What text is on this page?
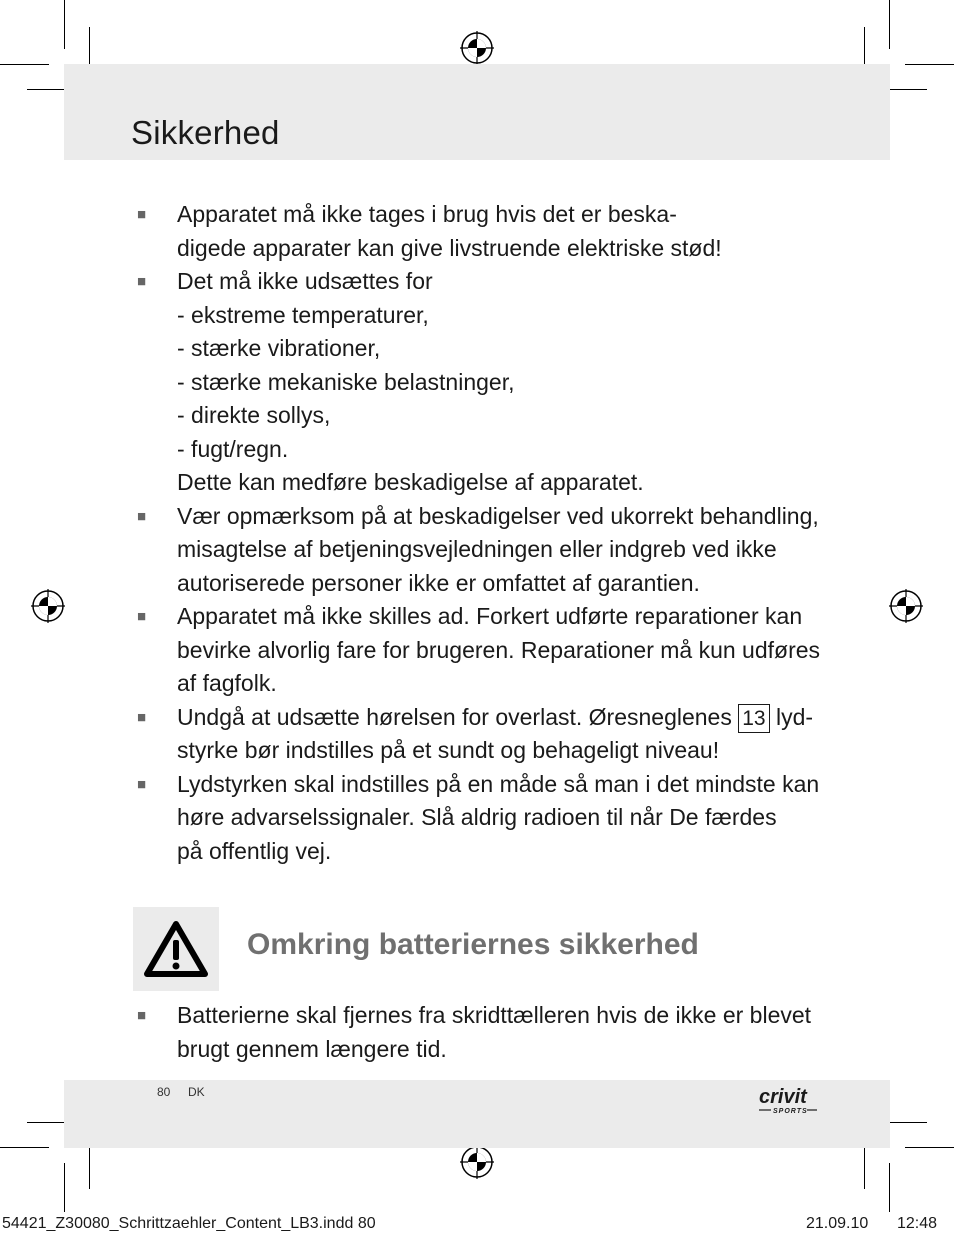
Sikkerhed
■	Apparatet må ikke tages i brug hvis det er beska-
digede apparater kan give livstruende elektriske stød!
■	Det må ikke udsættes for
- ekstreme temperaturer,
- stærke vibrationer,
- stærke mekaniske belastninger,
- direkte sollys,
- fugt/regn.
Dette kan medføre beskadigelse af apparatet.
■	Vær opmærksom på at beskadigelser ved ukorrekt behandling,
misagtelse af betjeningsvejledningen eller indgreb ved ikke
autoriserede personer ikke er omfattet af garantien.
■	Apparatet må ikke skilles ad. Forkert udførte reparationer kan
bevirke alvorlig fare for brugeren. Reparationer må kun udføres
af fagfolk.
■	Undgå at udsætte hørelsen for overlast. Øresneglenes 13 lyd-
styrke bør indstilles på et sundt og behageligt niveau!
■	Lydstyrken skal indstilles på en måde så man i det mindste kan
høre advarselssignaler. Slå aldrig radioen til når De færdes
på offentlig vej.
Omkring batteriernes sikkerhed
■	Batterierne skal fjernes fra skridttælleren hvis de ikke er blevet
brugt gennem længere tid.
80 DK	crivit
SPORTS
54421_Z30080_Schrittzaehler_Content_LB3.indd 80	21.09.10 12:48
